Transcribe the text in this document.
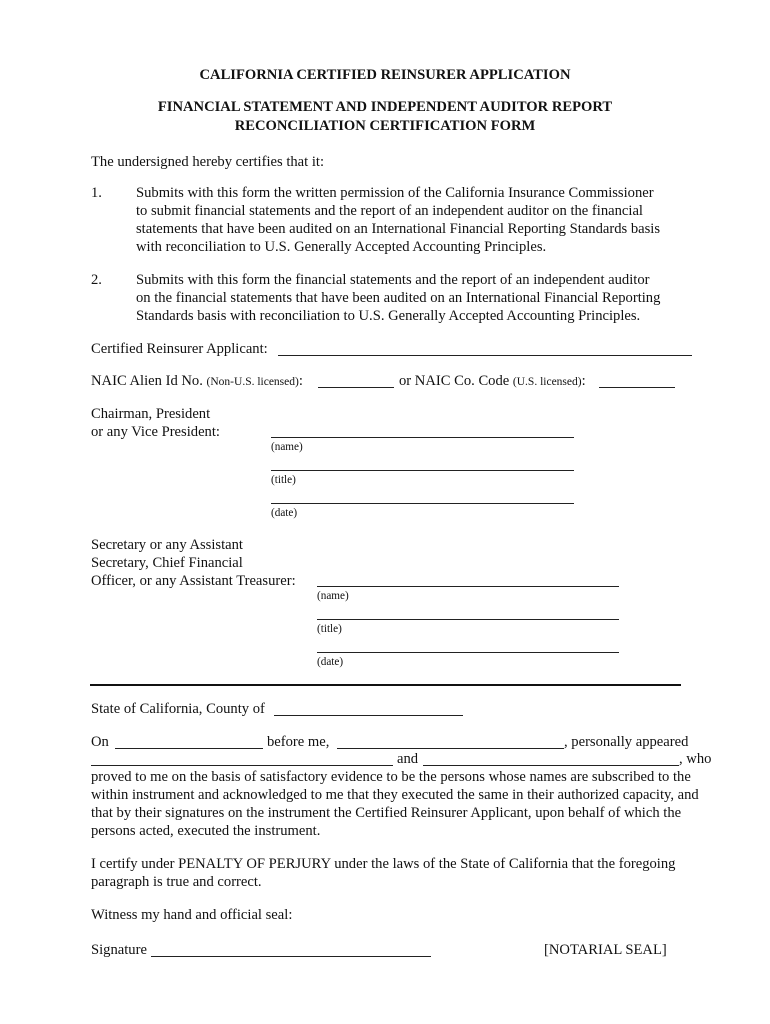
CALIFORNIA CERTIFIED REINSURER APPLICATION
FINANCIAL STATEMENT AND INDEPENDENT AUDITOR REPORT
RECONCILIATION CERTIFICATION FORM
The undersigned hereby certifies that it:
1. Submits with this form the written permission of the California Insurance Commissioner
to submit financial statements and the report of an independent auditor on the financial
statements that have been audited on an International Financial Reporting Standards basis
with reconciliation to U.S. Generally Accepted Accounting Principles.
2. Submits with this form the financial statements and the report of an independent auditor
on the financial statements that have been audited on an International Financial Reporting
Standards basis with reconciliation to U.S. Generally Accepted Accounting Principles.
Certified Reinsurer Applicant:
NAIC Alien Id No. (Non-U.S. licensed):	or NAIC Co. Code (U.S. licensed):
Chairman, President
or any Vice President:
(name)
(title)
(date)
Secretary or any Assistant
Secretary, Chief Financial
Officer, or any Assistant Treasurer:
(name)
(title)
(date)
State of California, County of
On	before me,	, personally appeared
and	, who
proved to me on the basis of satisfactory evidence to be the persons whose names are subscribed to the
within instrument and acknowledged to me that they executed the same in their authorized capacity, and
that by their signatures on the instrument the Certified Reinsurer Applicant, upon behalf of which the
persons acted, executed the instrument.
I certify under PENALTY OF PERJURY under the laws of the State of California that the foregoing
paragraph is true and correct.
Witness my hand and official seal:
Signature	[NOTARIAL SEAL]
